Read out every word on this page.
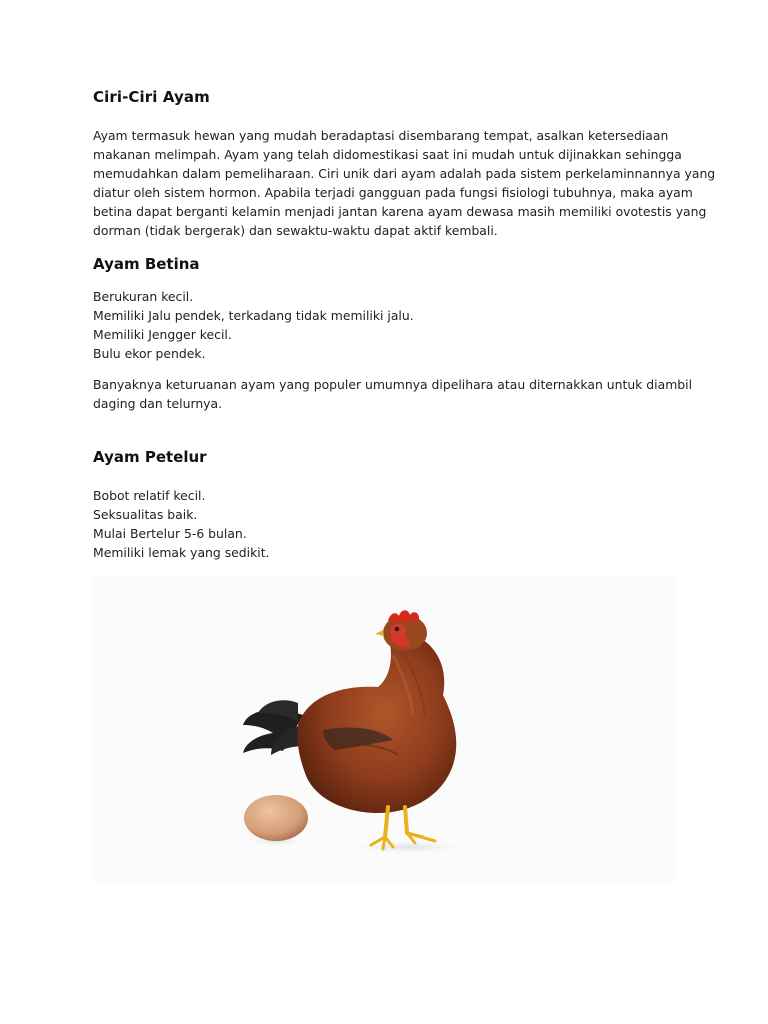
Ciri-Ciri Ayam

Ayam termasuk hewan yang mudah beradaptasi disembarang tempat, asalkan ketersediaan
makanan melimpah. Ayam yang telah didomestikasi saat ini mudah untuk dijinakkan sehingga
memudahkan dalam pemeliharaan. Ciri unik dari ayam adalah pada sistem perkelaminnannya yang
diatur oleh sistem hormon. Apabila terjadi gangguan pada fungsi fisiologi tubuhnya, maka ayam
betina dapat berganti kelamin menjadi jantan karena ayam dewasa masih memiliki ovotestis yang
dorman (tidak bergerak) dan sewaktu-waktu dapat aktif kembali.

Ayam Betina

Berukuran kecil.
Memiliki Jalu pendek, terkadang tidak memiliki jalu.
Memiliki Jengger kecil.
Bulu ekor pendek.

Banyaknya keturuanan ayam yang populer umumnya dipelihara atau diternakkan untuk diambil
daging dan telurnya.

Ayam Petelur

Bobot relatif kecil.
Seksualitas baik.
Mulai Bertelur 5-6 bulan.
Memiliki lemak yang sedikit.
